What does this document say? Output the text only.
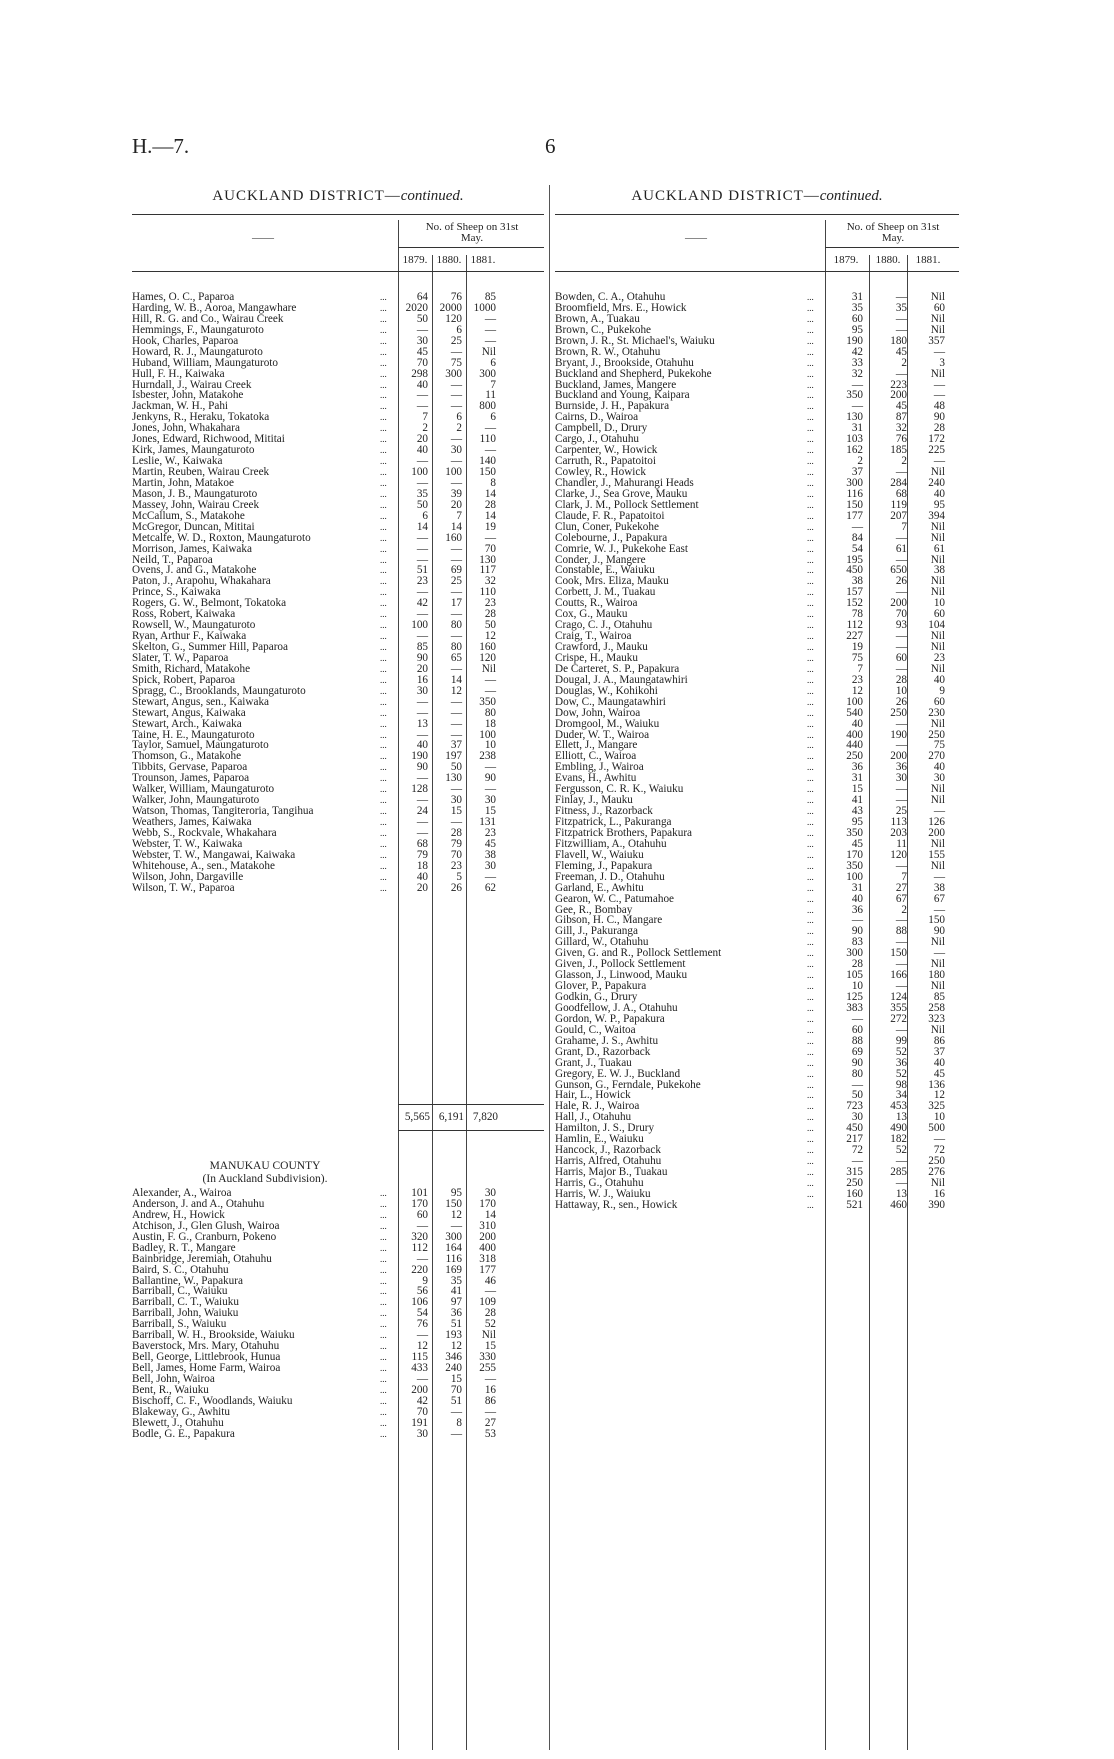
H.—7.	6
AUCKLAND DISTRICT—continued.
No. of Sheep on 31st
May.
——
1879. 1880. 1881.
Hames, O. C., Paparoa	...	64	76	85
Harding, W. B., Aoroa, Mangawhare	...	2020	2000	1000
Hill, R. G. and Co., Wairau Creek	...	50	120	—
Hemmings, F., Maungaturoto	...	—	6	—
Hook, Charles, Paparoa	...	30	25	—
Howard, R. J., Maungaturoto	...	45	—	Nil
Huband, William, Maungaturoto	...	70	75	6
Hull, F. H., Kaiwaka	...	298	300	300
Hurndall, J., Wairau Creek	...	40	—	7
Isbester, John, Matakohe	...	—	—	11
Jackman, W. H., Pahi	...	—	—	800
Jenkyns, R., Heraku, Tokatoka	...	7	6	6
Jones, John, Whakahara	...	2	2	—
Jones, Edward, Richwood, Mititai	...	20	—	110
Kirk, James, Maungaturoto	...	40	30	—
Leslie, W., Kaiwaka	...	—	—	140
Martin, Reuben, Wairau Creek	...	100	100	150
Martin, John, Matakoe	...	—	—	8
Mason, J. B., Maungaturoto	...	35	39	14
Massey, John, Wairau Creek	...	50	20	28
McCallum, S., Matakohe	...	6	7	14
McGregor, Duncan, Mititai	...	14	14	19
Metcalfe, W. D., Roxton, Maungaturoto	...	—	160	—
Morrison, James, Kaiwaka	...	—	—	70
Neild, T., Paparoa	...	—	—	130
Ovens, J. and G., Matakohe	...	51	69	117
Paton, J., Arapohu, Whakahara	...	23	25	32
Prince, S., Kaiwaka	...	—	—	110
Rogers, G. W., Belmont, Tokatoka	...	42	17	23
Ross, Robert, Kaiwaka	...	—	—	28
Rowsell, W., Maungaturoto	...	100	80	50
Ryan, Arthur F., Kaiwaka	...	—	—	12
Skelton, G., Summer Hill, Paparoa	...	85	80	160
Slater, T. W., Paparoa	...	90	65	120
Smith, Richard, Matakohe	...	20	—	Nil
Spick, Robert, Paparoa	...	16	14	—
Spragg, C., Brooklands, Maungaturoto	...	30	12	—
Stewart, Angus, sen., Kaiwaka	...	—	—	350
Stewart, Angus, Kaiwaka	...	—	—	80
Stewart, Arch., Kaiwaka	...	13	—	18
Taine, H. E., Maungaturoto	...	—	—	100
Taylor, Samuel, Maungaturoto	...	40	37	10
Thomson, G., Matakohe	...	190	197	238
Tibbits, Gervase, Paparoa	...	90	50	—
Trounson, James, Paparoa	...	—	130	90
Walker, William, Maungaturoto	...	128	—	—
Walker, John, Maungaturoto	...	—	30	30
Watson, Thomas, Tangiteroria, Tangihua	...	24	15	15
Weathers, James, Kaiwaka	...	—	—	131
Webb, S., Rockvale, Whakahara	...	—	28	23
Webster, T. W., Kaiwaka	...	68	79	45
Webster, T. W., Mangawai, Kaiwaka	...	79	70	38
Whitehouse, A., sen., Matakohe	...	18	23	30
Wilson, John, Dargaville	...	40	5	—
Wilson, T. W., Paparoa	...	20	26	62
5,565 6,191 7,820
MANUKAU COUNTY
(In Auckland Subdivision).
Alexander, A., Wairoa	...	101	95	30
Anderson, J. and A., Otahuhu	...	170	150	170
Andrew, H., Howick	...	60	12	14
Atchison, J., Glen Glush, Wairoa	...	—	—	310
Austin, F. G., Cranburn, Pokeno	...	320	300	200
Badley, R. T., Mangare	...	112	164	400
Bainbridge, Jeremiah, Otahuhu	...	—	116	318
Baird, S. C., Otahuhu	...	220	169	177
Ballantine, W., Papakura	...	9	35	46
Barriball, C., Waiuku	...	56	41	—
Barriball, C. T., Waiuku	...	106	97	109
Barriball, John, Waiuku	...	54	36	28
Barriball, S., Waiuku	...	76	51	52
Barriball, W. H., Brookside, Waiuku	...	—	193	Nil
Baverstock, Mrs. Mary, Otahuhu	...	12	12	15
Bell, George, Littlebrook, Hunua	...	115	346	330
Bell, James, Home Farm, Wairoa	...	433	240	255
Bell, John, Wairoa	...	—	15	—
Bent, R., Waiuku	...	200	70	16
Bischoff, C. F., Woodlands, Waiuku	...	42	51	86
Blakeway, G., Awhitu	...	70	—	—
Blewett, J., Otahuhu	...	191	8	27
Bodle, G. E., Papakura	...	30	—	53
AUCKLAND DISTRICT—continued.
No. of Sheep on 31st
May.
——
1879.	1880.	1881.
Bowden, C. A., Otahuhu	...	31	—	Nil
Broomfield, Mrs. E., Howick	...	35	35	60
Brown, A., Tuakau	...	60	—	Nil
Brown, C., Pukekohe	...	95	—	Nil
Brown, J. R., St. Michael's, Waiuku	...	190	180	357
Brown, R. W., Otahuhu	...	42	45	—
Bryant, J., Brookside, Otahuhu	...	33	2	3
Buckland and Shepherd, Pukekohe	...	32	—	Nil
Buckland, James, Mangere	...	—	223	—
Buckland and Young, Kaipara	...	350	200	—
Burnside, J. H., Papakura	...	—	45	48
Cairns, D., Wairoa	...	130	87	90
Campbell, D., Drury	...	31	32	28
Cargo, J., Otahuhu	...	103	76	172
Carpenter, W., Howick	...	162	185	225
Carruth, R., Papatoitoi	...	2	2	—
Cowley, R., Howick	...	37	—	Nil
Chandler, J., Mahurangi Heads	...	300	284	240
Clarke, J., Sea Grove, Mauku	...	116	68	40
Clark, J. M., Pollock Settlement	...	150	119	95
Claude, F. R., Papatoitoi	...	177	207	394
Clun, Coner, Pukekohe	...	—	7	Nil
Colebourne, J., Papakura	...	84	—	Nil
Comrie, W. J., Pukekohe East	...	54	61	61
Conder, J., Mangere	...	195	—	Nil
Constable, E., Waiuku	...	450	650	38
Cook, Mrs. Eliza, Mauku	...	38	26	Nil
Corbett, J. M., Tuakau	...	157	—	Nil
Coutts, R., Wairoa	...	152	200	10
Cox, G., Mauku	...	78	70	60
Crago, C. J., Otahuhu	...	112	93	104
Craig, T., Wairoa	...	227	—	Nil
Crawford, J., Mauku	...	19	—	Nil
Crispe, H., Mauku	...	75	60	23
De Carteret, S. P., Papakura	...	7	—	Nil
Dougal, J. A., Maungatawhiri	...	23	28	40
Douglas, W., Kohikohi	...	12	10	9
Dow, C., Maungatawhiri	...	100	26	60
Dow, John, Wairoa	...	540	250	230
Dromgool, M., Waiuku	...	40	—	Nil
Duder, W. T., Wairoa	...	400	190	250
Ellett, J., Mangare	...	440	—	75
Elliott, C., Wairoa	...	250	200	270
Embling, J., Wairoa	...	36	36	40
Evans, H., Awhitu	...	31	30	30
Fergusson, C. R. K., Waiuku	...	15	—	Nil
Finlay, J., Mauku	...	41	—	Nil
Fitness, J., Razorback	...	43	25	—
Fitzpatrick, L., Pakuranga	...	95	113	126
Fitzpatrick Brothers, Papakura	...	350	203	200
Fitzwilliam, A., Otahuhu	...	45	11	Nil
Flavell, W., Waiuku	...	170	120	155
Fleming, J., Papakura	...	350	—	Nil
Freeman, J. D., Otahuhu	...	100	7	—
Garland, E., Awhitu	...	31	27	38
Gearon, W. C., Patumahoe	...	40	67	67
Gee, R., Bombay	...	36	2	—
Gibson, H. C., Mangare	...	—	—	150
Gill, J., Pakuranga	...	90	88	90
Gillard, W., Otahuhu	...	83	—	Nil
Given, G. and R., Pollock Settlement	...	300	150	—
Given, J., Pollock Settlement	...	28	—	Nil
Glasson, J., Linwood, Mauku	...	105	166	180
Glover, P., Papakura	...	10	—	Nil
Godkin, G., Drury	...	125	124	85
Goodfellow, J. A., Otahuhu	...	383	355	258
Gordon, W. P., Papakura	...	—	272	323
Gould, C., Waitoa	...	60	—	Nil
Grahame, J. S., Awhitu	...	88	99	86
Grant, D., Razorback	...	69	52	37
Grant, J., Tuakau	...	90	36	40
Gregory, E. W. J., Buckland	...	80	52	45
Gunson, G., Ferndale, Pukekohe	...	—	98	136
Hair, L., Howick	...	50	34	12
Hale, R. J., Wairoa	...	723	453	325
Hall, J., Otahuhu	...	30	13	10
Hamilton, J. S., Drury	...	450	490	500
Hamlin, E., Waiuku	...	217	182	—
Hancock, J., Razorback	...	72	52	72
Harris, Alfred, Otahuhu	...	—	—	250
Harris, Major B., Tuakau	...	315	285	276
Harris, G., Otahuhu	...	250	—	Nil
Harris, W. J., Waiuku	...	160	13	16
Hattaway, R., sen., Howick	...	521	460	390
